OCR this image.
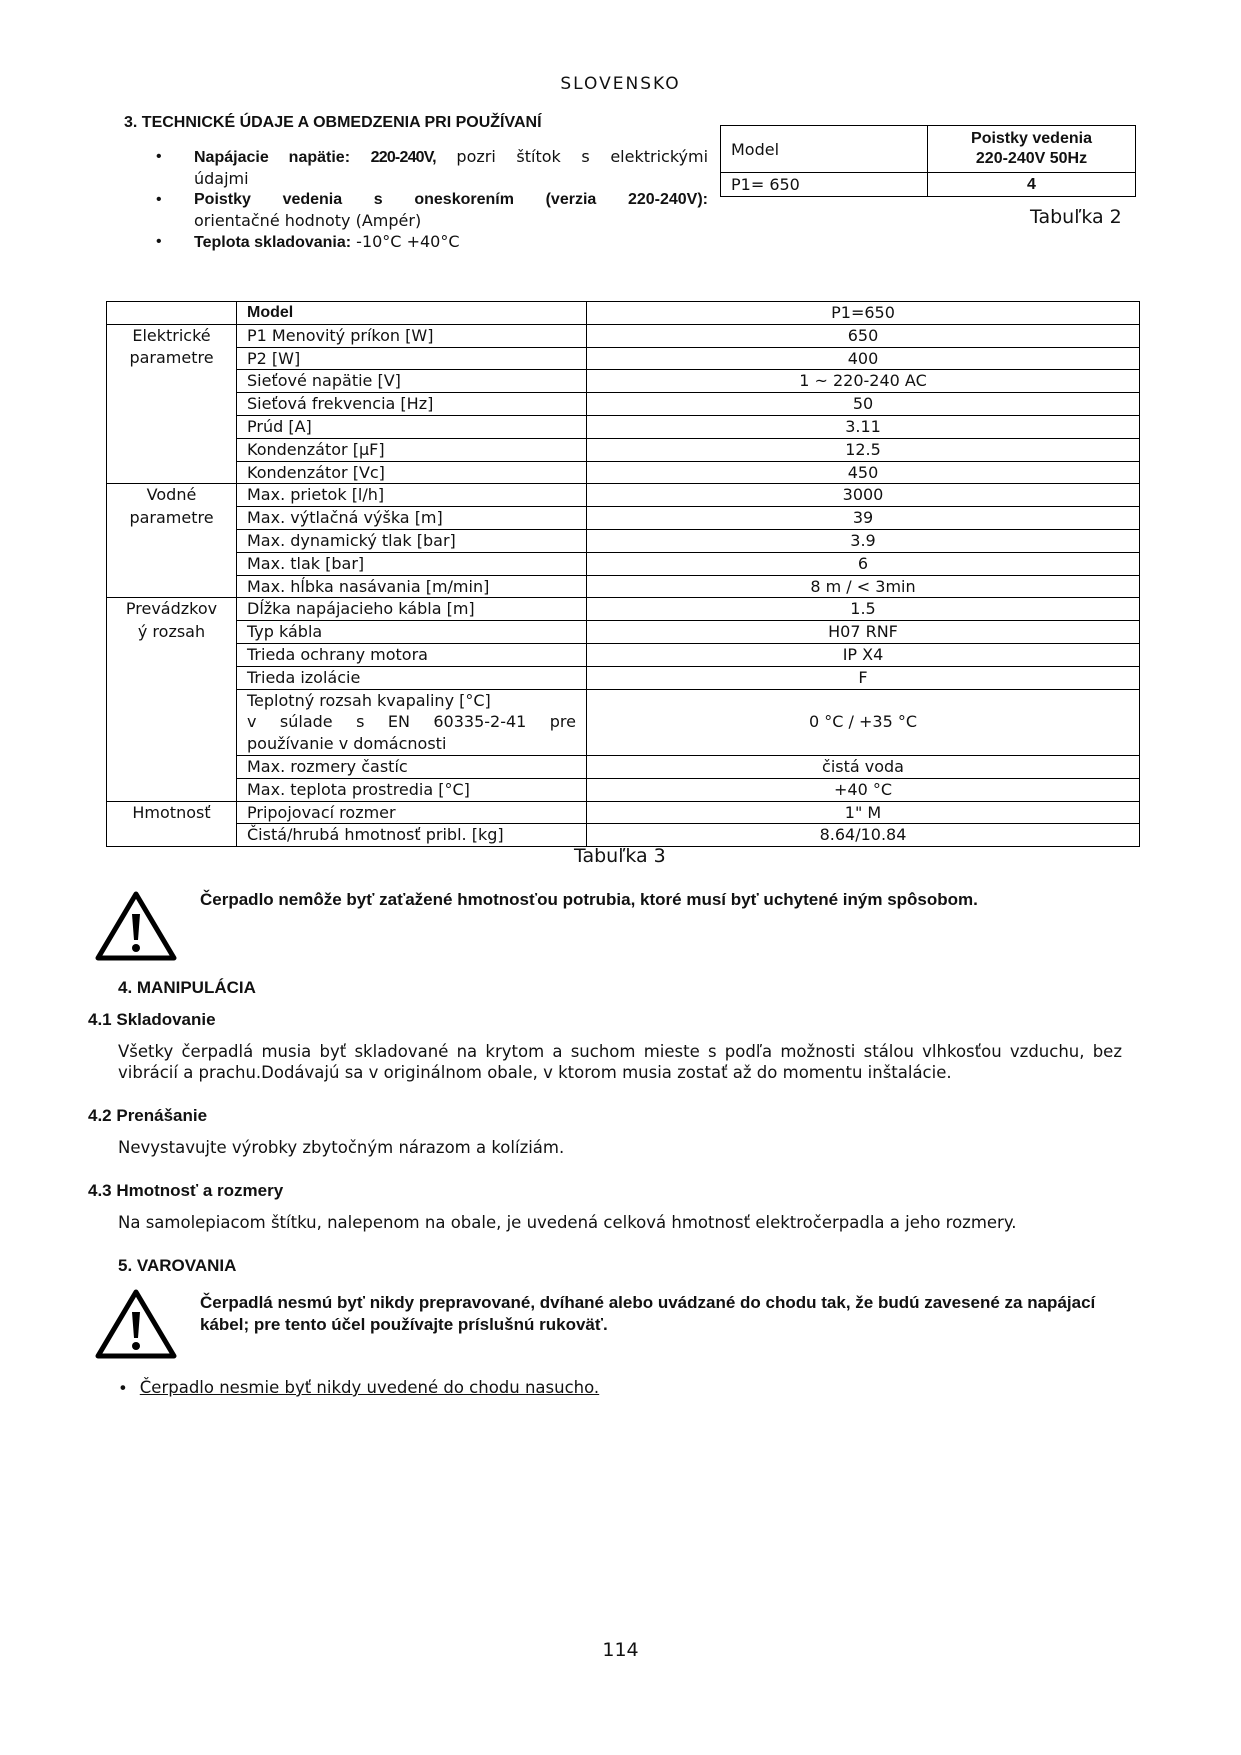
SLOVENSKO
3. TECHNICKÉ ÚDAJE A OBMEDZENIA PRI POUŽÍVANÍ
• Napájacie napätie: 220-240V, pozri štítok s elektrickými
údajmi
• Poistky vedenia s oneskorením (verzia 220-240V):
orientačné hodnoty (Ampér)
• Teplota skladovania: -10°C +40°C
Model	Poistky vedenia
220-240V 50Hz

P1= 650	4
Tabuľka 2
	Model	P1=650
Elektrické	P1 Menovitý príkon [W]	650
parametre	P2 [W]	400
	Sieťové napätie [V]	1 ~ 220-240 AC
	Sieťová frekvencia [Hz]	50
	Prúd [A]	3.11
	Kondenzátor [µF]	12.5
	Kondenzátor [Vc]	450
Vodné	Max. prietok [l/h]	3000
parametre	Max. výtlačná výška [m]	39
	Max. dynamický tlak [bar]	3.9
	Max. tlak [bar]	6
	Max. hĺbka nasávania [m/min]	8 m / < 3min
Prevádzkov	Dĺžka napájacieho kábla [m]	1.5
ý rozsah	Typ kábla	H07 RNF
	Trieda ochrany motora	IP X4
	Trieda izolácie	F

	Teplotný rozsah kvapaliny [°C]
v súlade s EN 60335-2-41 pre
používanie v domácnosti	0 °C / +35 °C
	Max. rozmery častíc	čistá voda
	Max. teplota prostredia [°C]	+40 °C
Hmotnosť	Pripojovací rozmer	1" M
	Čistá/hrubá hmotnosť pribl. [kg]	8.64/10.84
Tabuľka 3
Čerpadlo nemôže byť zaťažené hmotnosťou potrubia, ktoré musí byť uchytené iným spôsobom.
4. MANIPULÁCIA
4.1 Skladovanie
Všetky čerpadlá musia byť skladované na krytom a suchom mieste s podľa možnosti stálou vlhkosťou vzduchu, bez vibrácií a prachu.Dodávajú sa v originálnom obale, v ktorom musia zostať až do momentu inštalácie.
4.2 Prenášanie
Nevystavujte výrobky zbytočným nárazom a kolíziám.
4.3 Hmotnosť a rozmery
Na samolepiacom štítku, nalepenom na obale, je uvedená celková hmotnosť elektročerpadla a jeho rozmery.
5. VAROVANIA
Čerpadlá nesmú byť nikdy prepravované, dvíhané alebo uvádzané do chodu tak, že budú zavesené za napájací kábel; pre tento účel používajte príslušnú rukoväť.
• Čerpadlo nesmie byť nikdy uvedené do chodu nasucho.
114
